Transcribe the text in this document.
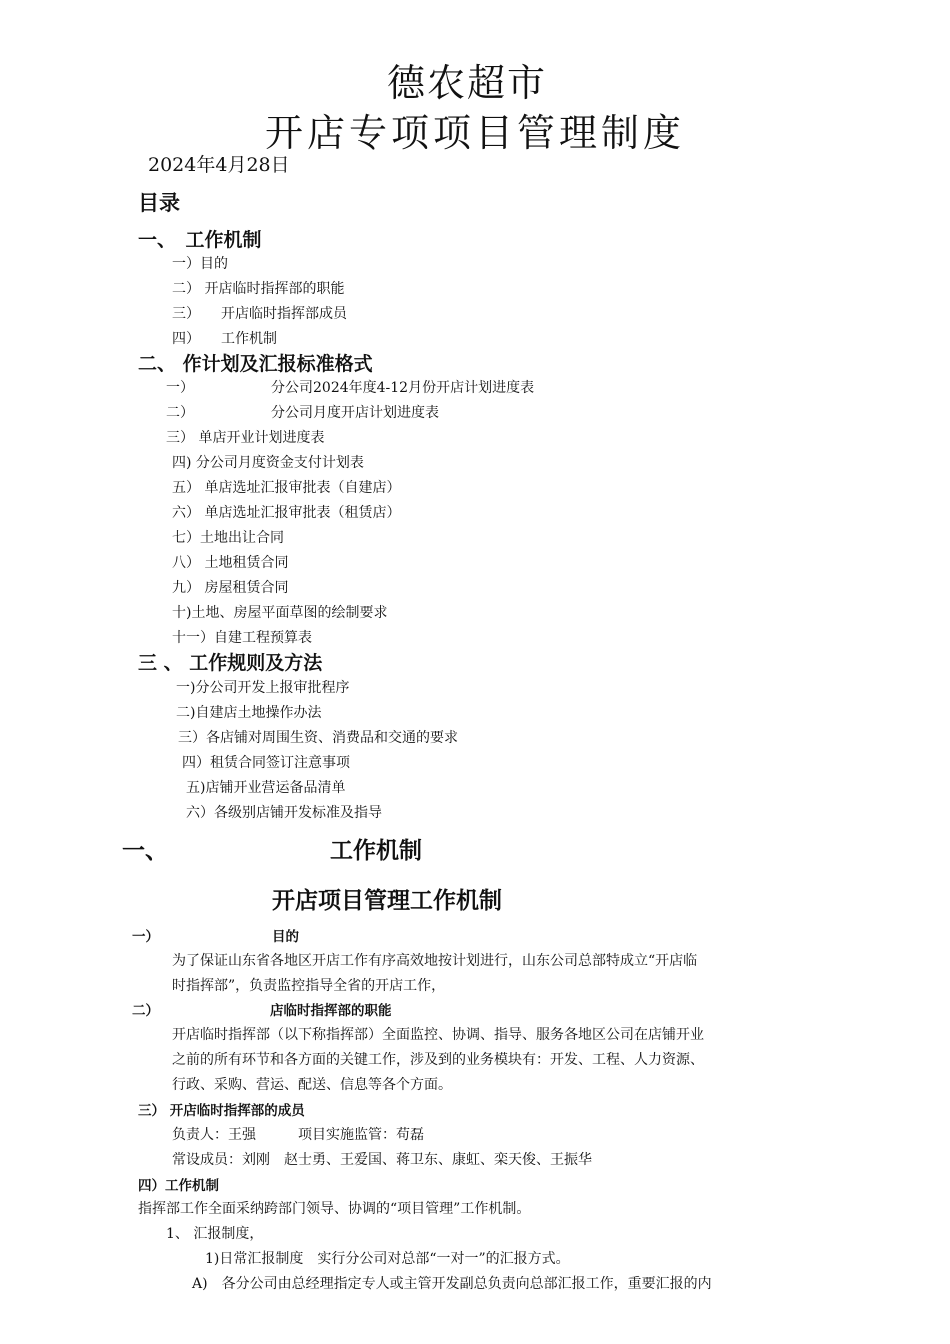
德农超市
开店专项项目管理制度
2024年4月28日
目录
一、　工作机制
一）目的
二） 开店临时指挥部的职能
三）　　开店临时指挥部成员
四）　　工作机制
二、 作计划及汇报标准格式
一）　　　　　　分公司2024年度4-12月份开店计划进度表
二）　　　　　　分公司月度开店计划进度表
三） 单店开业计划进度表
四) 分公司月度资金支付计划表
五） 单店选址汇报审批表（自建店）
六） 单店选址汇报审批表（租赁店）
七）土地出让合同
八） 土地租赁合同
九） 房屋租赁合同
十)土地、房屋平面草图的绘制要求
十一）自建工程预算表
三 、 工作规则及方法
一)分公司开发上报审批程序
二)自建店土地操作办法
三）各店铺对周围生资、消费品和交通的要求
四）租赁合同签订注意事项
五)店铺开业营运备品清单
六）各级别店铺开发标准及指导
一、	工作机制
开店项目管理工作机制
一）	目的
为了保证山东省各地区开店工作有序高效地按计划进行，山东公司总部特成立“开店临
时指挥部”，负责监控指导全省的开店工作，
二）	店临时指挥部的职能
开店临时指挥部（以下称指挥部）全面监控、协调、指导、服务各地区公司在店铺开业
之前的所有环节和各方面的关键工作，涉及到的业务模块有：开发、工程、人力资源、
行政、采购、营运、配送、信息等各个方面。
三） 开店临时指挥部的成员
负责人：王强　　　项目实施监管：苟磊
常设成员：刘刚　赵士勇、王爱国、蒋卫东、康虹、栾天俊、王振华
四）工作机制
指挥部工作全面采纳跨部门领导、协调的“项目管理”工作机制。
1、 汇报制度，
1)日常汇报制度　实行分公司对总部“一对一”的汇报方式。
A)　各分公司由总经理指定专人或主管开发副总负责向总部汇报工作，重要汇报的内
